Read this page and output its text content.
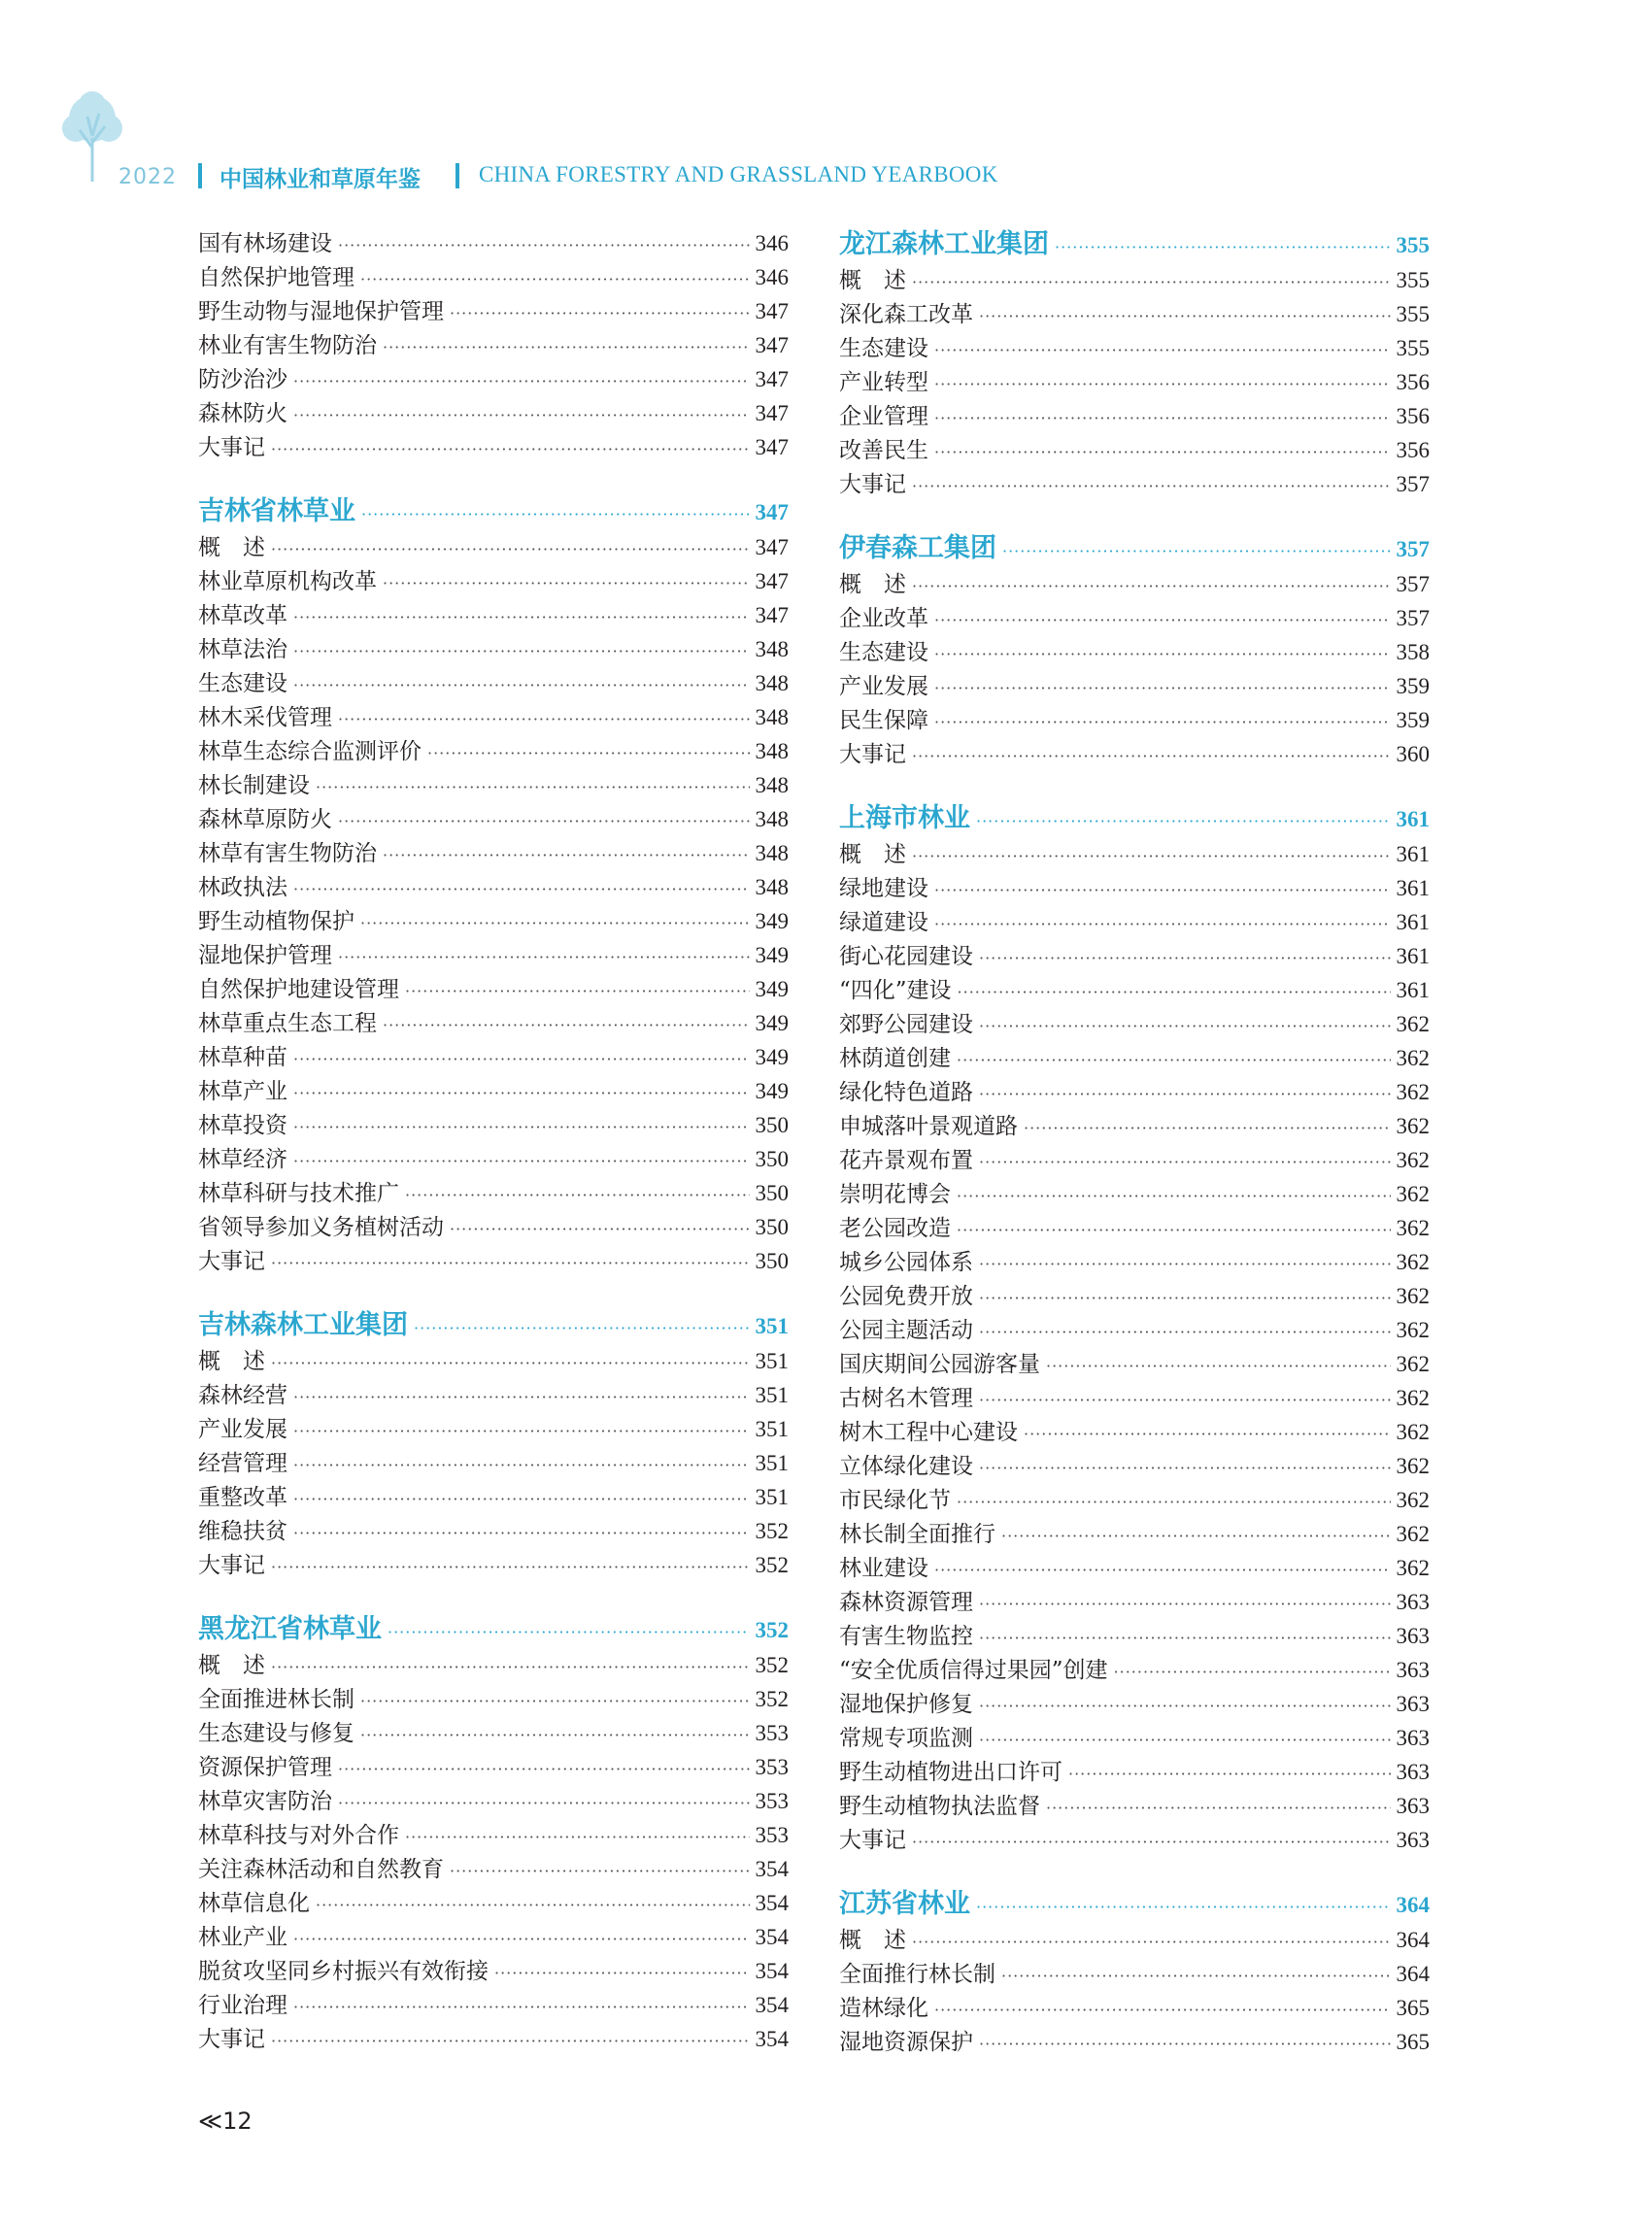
2022 中国林业和草原年鉴	CHINA FORESTRY AND GRASSLAND YEARBOOK
国有林场建设 ·····	346
自然保护地管理 ·····	346
野生动物与湿地保护管理 ·····	347
林业有害生物防治 ·····	347
防沙治沙 ·····	347
森林防火 ·····	347
大事记 ·····	347
吉林省林草业 ·····	347
概　述 ·····	347
林业草原机构改革 ·····	347
林草改革 ·····	347
林草法治 ·····	348
生态建设 ·····	348
林木采伐管理 ·····	348
林草生态综合监测评价 ·····	348
林长制建设 ·····	348
森林草原防火 ·····	348
林草有害生物防治 ·····	348
林政执法 ·····	348
野生动植物保护 ·····	349
湿地保护管理 ·····	349
自然保护地建设管理 ·····	349
林草重点生态工程 ·····	349
林草种苗 ·····	349
林草产业 ·····	349
林草投资 ·····	350
林草经济 ·····	350
林草科研与技术推广 ·····	350
省领导参加义务植树活动 ·····	350
大事记 ·····	350
吉林森林工业集团 ·····	351
概　述 ·····	351
森林经营 ·····	351
产业发展 ·····	351
经营管理 ·····	351
重整改革 ·····	351
维稳扶贫 ·····	352
大事记 ·····	352
黑龙江省林草业 ·····	352
概　述 ·····	352
全面推进林长制 ·····	352
生态建设与修复 ·····	353
资源保护管理 ·····	353
林草灾害防治 ·····	353
林草科技与对外合作 ·····	353
关注森林活动和自然教育 ·····	354
林草信息化 ·····	354
林业产业 ·····	354
脱贫攻坚同乡村振兴有效衔接 ·····	354
行业治理 ·····	354
大事记 ·····	354
龙江森林工业集团 ·····	355
概　述 ·····	355
深化森工改革 ·····	355
生态建设 ·····	355
产业转型 ·····	356
企业管理 ·····	356
改善民生 ·····	356
大事记 ·····	357
伊春森工集团 ·····	357
概　述 ·····	357
企业改革 ·····	357
生态建设 ·····	358
产业发展 ·····	359
民生保障 ·····	359
大事记 ·····	360
上海市林业 ·····	361
概　述 ·····	361
绿地建设 ·····	361
绿道建设 ·····	361
街心花园建设 ·····	361
“四化”建设 ·····	361
郊野公园建设 ·····	362
林荫道创建 ·····	362
绿化特色道路 ·····	362
申城落叶景观道路 ·····	362
花卉景观布置 ·····	362
崇明花博会 ·····	362
老公园改造 ·····	362
城乡公园体系 ·····	362
公园免费开放 ·····	362
公园主题活动 ·····	362
国庆期间公园游客量 ·····	362
古树名木管理 ·····	362
树木工程中心建设 ·····	362
立体绿化建设 ·····	362
市民绿化节 ·····	362
林长制全面推行 ·····	362
林业建设 ·····	362
森林资源管理 ·····	363
有害生物监控 ·····	363
“安全优质信得过果园”创建 ·····	363
湿地保护修复 ·····	363
常规专项监测 ·····	363
野生动植物进出口许可 ·····	363
野生动植物执法监督 ·····	363
大事记 ·····	363
江苏省林业 ·····	364
概　述 ·····	364
全面推行林长制 ·····	364
造林绿化 ·····	365
湿地资源保护 ·····	365
≪12
